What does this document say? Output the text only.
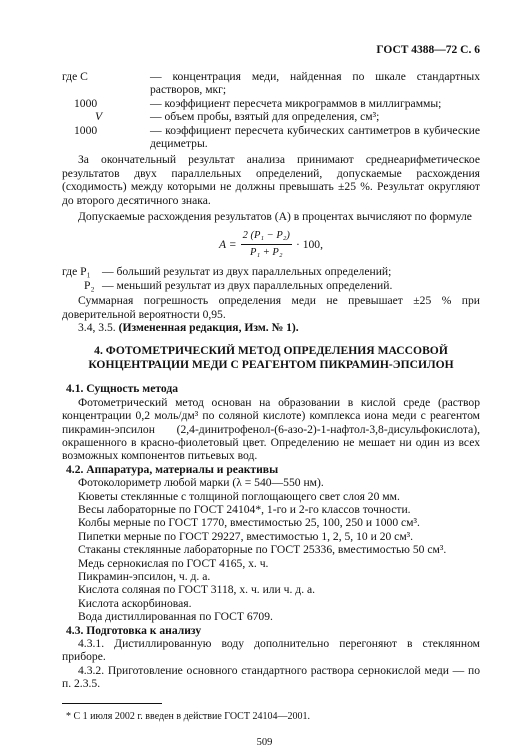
ГОСТ 4388—72 С. 6
где C	— концентрация меди, найденная по шкале стандартных растворов, мкг;
1000	— коэффициент пересчета микрограммов в миллиграммы;
V	— объем пробы, взятый для определения, см³;
1000	— коэффициент пересчета кубических сантиметров в кубические дециметры.

За окончательный результат анализа принимают среднеарифметическое результатов двух параллельных определений, допускаемые расхождения (сходимость) между которыми не должны превышать ±25 %. Результат округляют до второго десятичного знака.

Допускаемые расхождения результатов (A) в процентах вычисляют по формуле

$A = \frac{\text{2 (P₁ − P₂)}}{\text{P₁ + P₂}} \cdot 100$,
где P₁ — больший результат из двух параллельных определений;
P₂ — меньший результат из двух параллельных определений.

Суммарная погрешность определения меди не превышает ±25 % при доверительной вероятности 0,95.

3.4, 3.5. (Измененная редакция, Изм. № 1).

4. ФОТОМЕТРИЧЕСКИЙ МЕТОД ОПРЕДЕЛЕНИЯ МАССОВОЙ
КОНЦЕНТРАЦИИ МЕДИ С РЕАГЕНТОМ ПИКРАМИН-ЭПСИЛОН
4.1. Сущность метода

Фотометрический метод основан на образовании в кислой среде (раствор концентрации 0,2 моль/дм³ по соляной кислоте) комплекса иона меди с реагентом пикрамин-эпсилон (2,4-динитрофенол-(6-азо-2)-1-нафтол-3,8-дисульфокислота), окрашенного в красно-фиолетовый цвет. Определению не мешает ни один из всех возможных компонентов питьевых вод.

4.2. Аппаратура, материалы и реактивы

Фотоколориметр любой марки (λ = 540—550 нм).

Кюветы стеклянные с толщиной поглощающего свет слоя 20 мм.

Весы лабораторные по ГОСТ 24104*, 1-го и 2-го классов точности.

Колбы мерные по ГОСТ 1770, вместимостью 25, 100, 250 и 1000 см³.

Пипетки мерные по ГОСТ 29227, вместимостью 1, 2, 5, 10 и 20 см³.

Стаканы стеклянные лабораторные по ГОСТ 25336, вместимостью 50 см³.

Медь сернокислая по ГОСТ 4165, х. ч.

Пикрамин-эпсилон, ч. д. а.

Кислота соляная по ГОСТ 3118, х. ч. или ч. д. а.

Кислота аскорбиновая.

Вода дистиллированная по ГОСТ 6709.

4.3. Подготовка к анализу

4.3.1. Дистиллированную воду дополнительно перегоняют в стеклянном приборе.

4.3.2. Приготовление основного стандартного раствора сернокислой меди — по п. 2.3.5.

* С 1 июля 2002 г. введен в действие ГОСТ 24104—2001.
509
